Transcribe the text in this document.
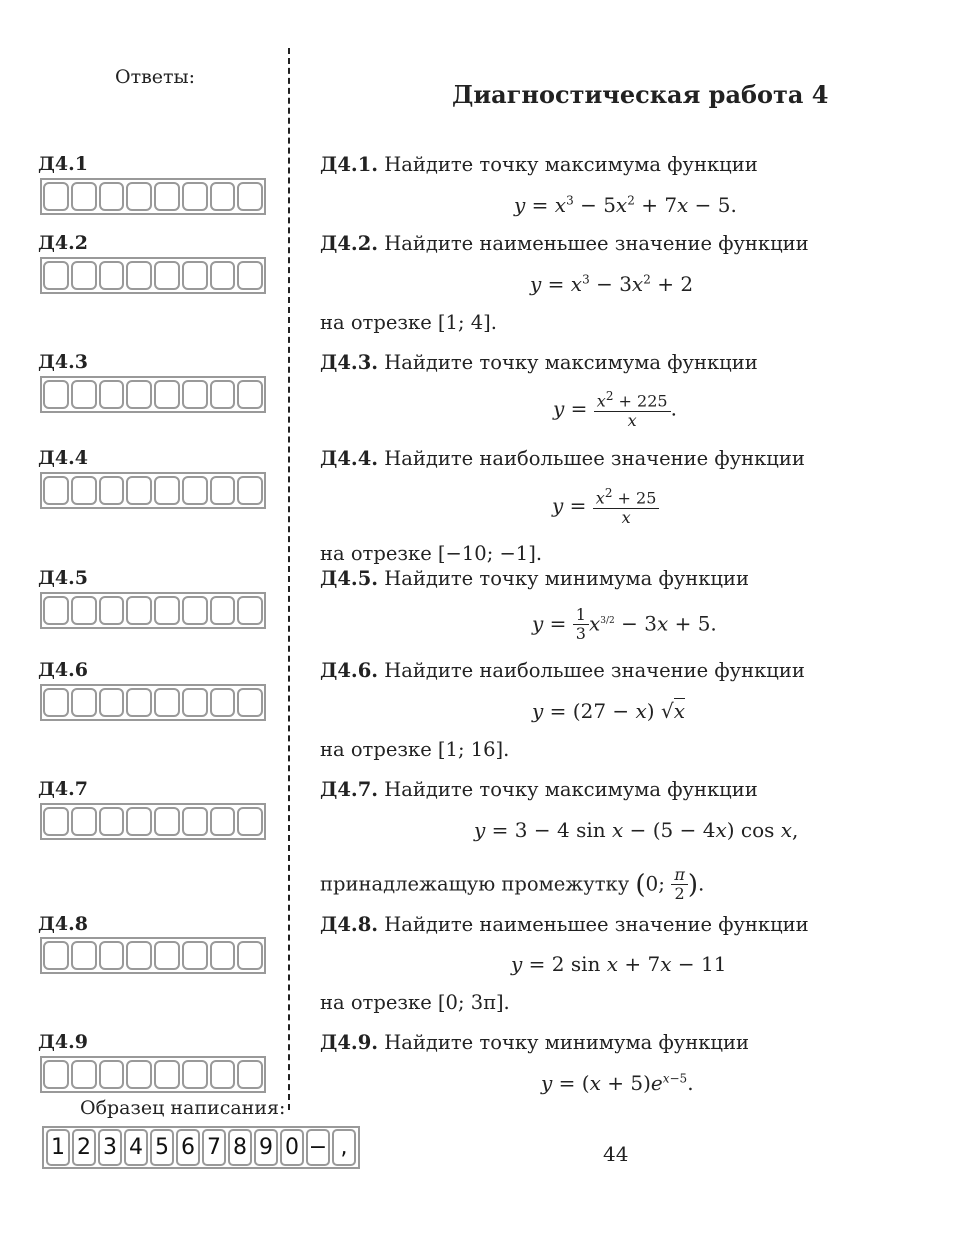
Ответы:
Диагностическая работа 4
Д4.1
Д4.2
Д4.3
Д4.4
Д4.5
Д4.6
Д4.7
Д4.8
Д4.9
Д4.1. Найдите точку максимума функции
$y = x^3 - 5x^2 + 7x - 5$.
Д4.2. Найдите наименьшее значение функции
$y = x^3 - 3x^2 + 2$
на отрезке [1; 4].
Д4.3. Найдите точку максимума функции
$y = \frac{x^2 + 225}{x}$ .
Д4.4. Найдите наибольшее значение функции
$y = \frac{x^2 + 25}{x}$
на отрезке [−10; −1].
Д4.5. Найдите точку минимума функции
$y = \frac{1}{3} x^{3/2} - 3x + 5$.
Д4.6. Найдите наибольшее значение функции
y = (27 − x) √x
на отрезке [1; 16].
Д4.7. Найдите точку максимума функции
y = 3 − 4 sin x − (5 − 4x) cos x,
принадлежащую промежутку (0; $\frac{\pi}{2}$ ).
Д4.8. Найдите наименьшее значение функции
y = 2 sin x + 7x − 11
на отрезке [0; 3π].
Д4.9. Найдите точку минимума функции
$y = (x + 5)e^{x-5}$.
Образец написания:
1 2 3 4 5 6 7 8 9 0 − ,	44
